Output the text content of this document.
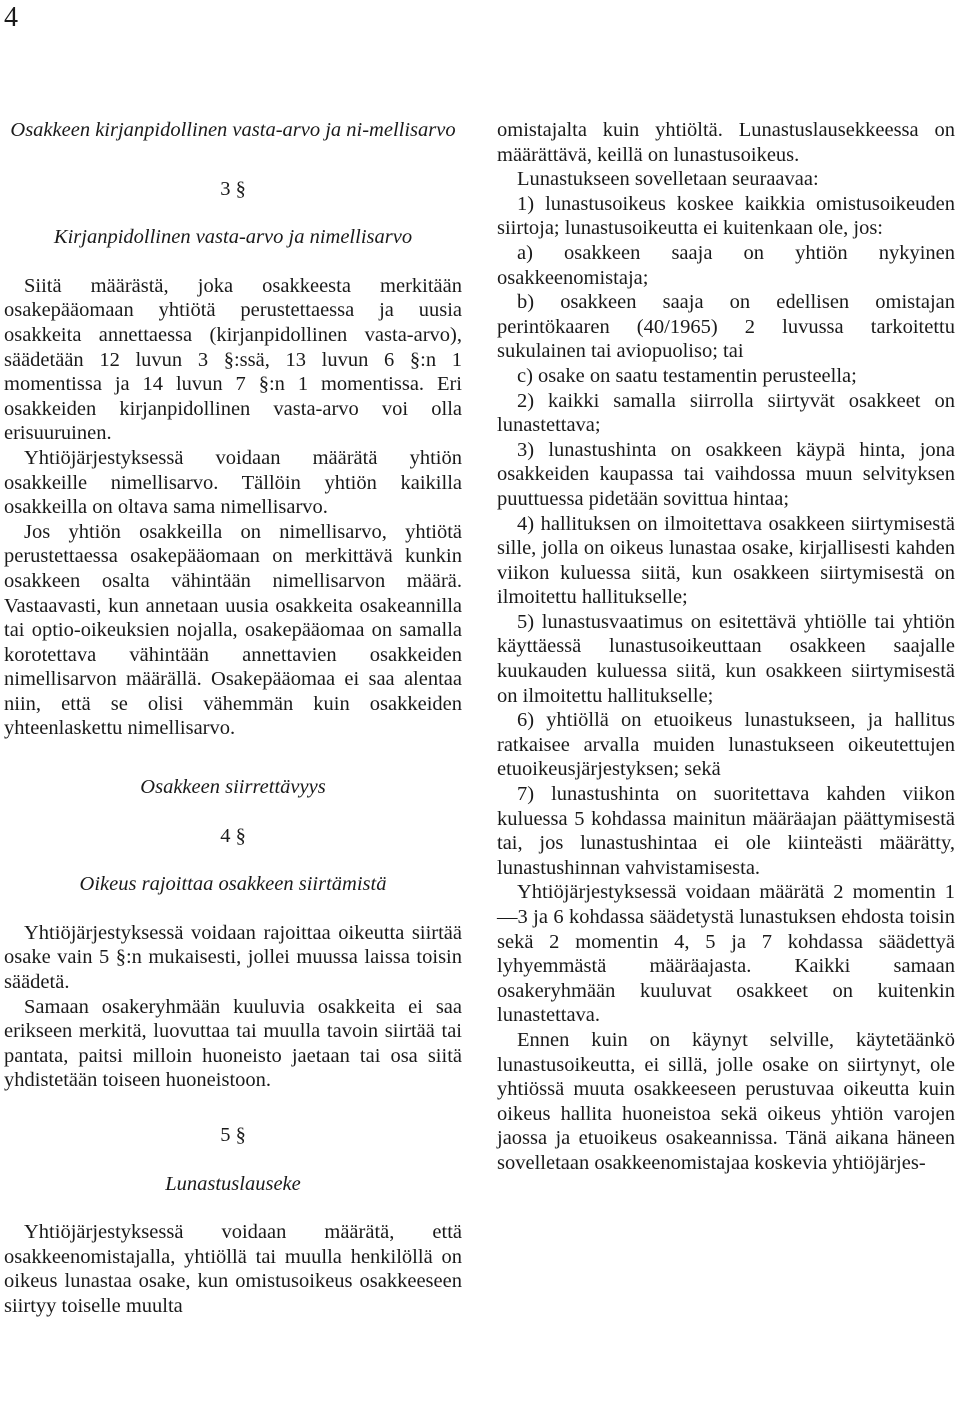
4

Osakkeen kirjanpidollinen vasta-arvo ja ni-mellisarvo

3 §

Kirjanpidollinen vasta-arvo ja nimellisarvo

Siitä määrästä, joka osakkeesta merkitään osakepääomaan yhtiötä perustettaessa ja uusia osakkeita annettaessa (kirjanpidollinen vasta-arvo), säädetään 12 luvun 3 §:ssä, 13 luvun 6 §:n 1 momentissa ja 14 luvun 7 §:n 1 momentissa. Eri osakkeiden kirjanpidollinen vasta-arvo voi olla erisuuruinen.

Yhtiöjärjestyksessä voidaan määrätä yhtiön osakkeille nimellisarvo. Tällöin yhtiön kaikilla osakkeilla on oltava sama nimellisarvo.

Jos yhtiön osakkeilla on nimellisarvo, yhtiötä perustettaessa osakepääomaan on merkittävä kunkin osakkeen osalta vähintään nimellisarvon määrä. Vastaavasti, kun annetaan uusia osakkeita osakeannilla tai optio-oikeuksien nojalla, osakepääomaa on samalla korotettava vähintään annettavien osakkeiden nimellisarvon määrällä. Osakepääomaa ei saa alentaa niin, että se olisi vähemmän kuin osakkeiden yhteenlaskettu nimellisarvo.

Osakkeen siirrettävyys

4 §

Oikeus rajoittaa osakkeen siirtämistä

Yhtiöjärjestyksessä voidaan rajoittaa oikeutta siirtää osake vain 5 §:n mukaisesti, jollei muussa laissa toisin säädetä.

Samaan osakeryhmään kuuluvia osakkeita ei saa erikseen merkitä, luovuttaa tai muulla tavoin siirtää tai pantata, paitsi milloin huoneisto jaetaan tai osa siitä yhdistetään toiseen huoneistoon.

5 §

Lunastuslauseke

Yhtiöjärjestyksessä voidaan määrätä, että osakkeenomistajalla, yhtiöllä tai muulla henkilöllä on oikeus lunastaa osake, kun omistusoikeus osakkeeseen siirtyy toiselle muulta

omistajalta kuin yhtiöltä. Lunastuslausekkeessa on määrättävä, keillä on lunastusoikeus.

Lunastukseen sovelletaan seuraavaa:

1) lunastusoikeus koskee kaikkia omistusoikeuden siirtoja; lunastusoikeutta ei kuitenkaan ole, jos:

a) osakkeen saaja on yhtiön nykyinen osakkeenomistaja;

b) osakkeen saaja on edellisen omistajan perintökaaren (40/1965) 2 luvussa tarkoitettu sukulainen tai aviopuoliso; tai

c) osake on saatu testamentin perusteella;

2) kaikki samalla siirrolla siirtyvät osakkeet on lunastettava;

3) lunastushinta on osakkeen käypä hinta, jona osakkeiden kaupassa tai vaihdossa muun selvityksen puuttuessa pidetään sovittua hintaa;

4) hallituksen on ilmoitettava osakkeen siirtymisestä sille, jolla on oikeus lunastaa osake, kirjallisesti kahden viikon kuluessa siitä, kun osakkeen siirtymisestä on ilmoitettu hallitukselle;

5) lunastusvaatimus on esitettävä yhtiölle tai yhtiön käyttäessä lunastusoikeuttaan osakkeen saajalle kuukauden kuluessa siitä, kun osakkeen siirtymisestä on ilmoitettu hallitukselle;

6) yhtiöllä on etuoikeus lunastukseen, ja hallitus ratkaisee arvalla muiden lunastukseen oikeutettujen etuoikeusjärjestyksen; sekä

7) lunastushinta on suoritettava kahden viikon kuluessa 5 kohdassa mainitun määräajan päättymisestä tai, jos lunastushintaa ei ole kiinteästi määrätty, lunastushinnan vahvistamisesta.

Yhtiöjärjestyksessä voidaan määrätä 2 momentin 1—3 ja 6 kohdassa säädetystä lunastuksen ehdosta toisin sekä 2 momentin 4, 5 ja 7 kohdassa säädettyä lyhyemmästä määräajasta. Kaikki samaan osakeryhmään kuuluvat osakkeet on kuitenkin lunastettava.

Ennen kuin on käynyt selville, käytetäänkö lunastusoikeutta, ei sillä, jolle osake on siirtynyt, ole yhtiössä muuta osakkeeseen perustuvaa oikeutta kuin oikeus hallita huoneistoa sekä oikeus yhtiön varojen jaossa ja etuoikeus osakeannissa. Tänä aikana häneen sovelletaan osakkeenomistajaa koskevia yhtiöjärjes-
